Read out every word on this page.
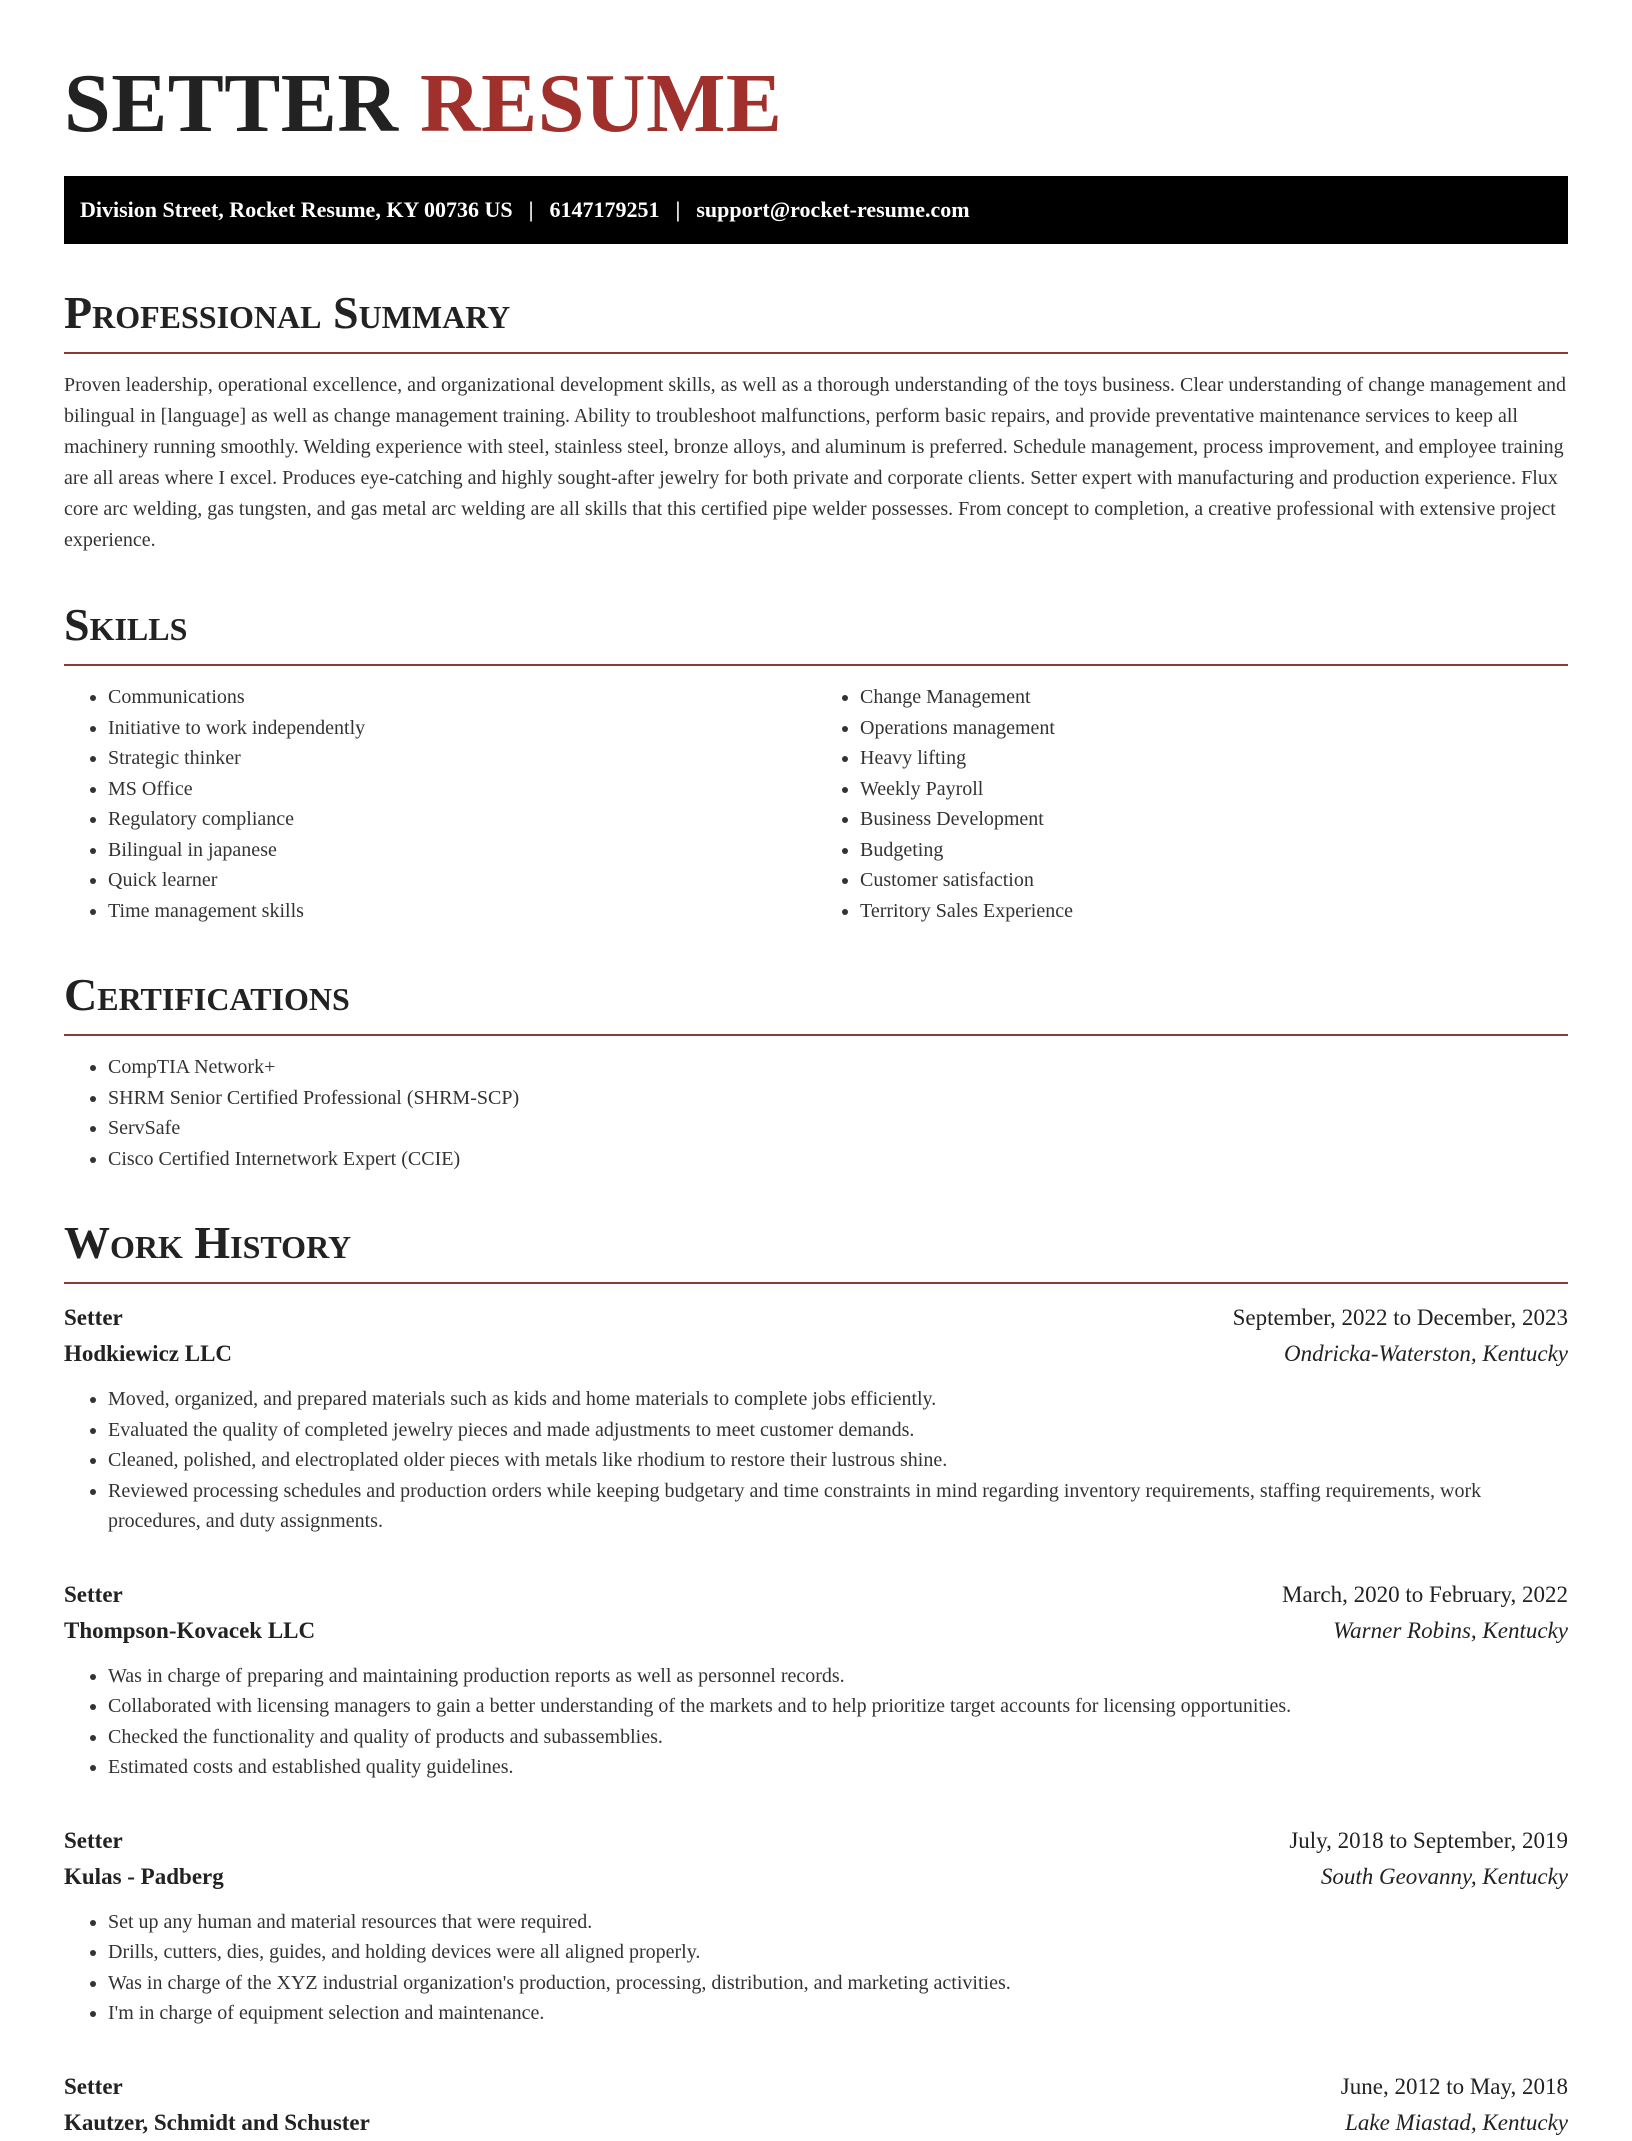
SETTER RESUME
Division Street, Rocket Resume, KY 00736 US | 6147179251 | support@rocket-resume.com
Professional Summary

Proven leadership, operational excellence, and organizational development skills, as well as a thorough understanding of the toys business. Clear understanding of change management and bilingual in [language] as well as change management training. Ability to troubleshoot malfunctions, perform basic repairs, and provide preventative maintenance services to keep all machinery running smoothly. Welding experience with steel, stainless steel, bronze alloys, and aluminum is preferred. Schedule management, process improvement, and employee training are all areas where I excel. Produces eye-catching and highly sought-after jewelry for both private and corporate clients. Setter expert with manufacturing and production experience. Flux core arc welding, gas tungsten, and gas metal arc welding are all skills that this certified pipe welder possesses. From concept to completion, a creative professional with extensive project experience.

Skills
• Communications
• Initiative to work independently
• Strategic thinker
• MS Office
• Regulatory compliance
• Bilingual in japanese
• Quick learner
• Time management skills
• Change Management
• Operations management
• Heavy lifting
• Weekly Payroll
• Business Development
• Budgeting
• Customer satisfaction
• Territory Sales Experience
Certifications
• CompTIA Network+
• SHRM Senior Certified Professional (SHRM-SCP)
• ServSafe
• Cisco Certified Internetwork Expert (CCIE)
Work History
Setter	September, 2022 to December, 2023
Hodkiewicz LLC	Ondricka-Waterston, Kentucky
• Moved, organized, and prepared materials such as kids and home materials to complete jobs efficiently.
• Evaluated the quality of completed jewelry pieces and made adjustments to meet customer demands.
• Cleaned, polished, and electroplated older pieces with metals like rhodium to restore their lustrous shine.
• Reviewed processing schedules and production orders while keeping budgetary and time constraints in mind regarding inventory requirements, staffing requirements, work procedures, and duty assignments.
Setter	March, 2020 to February, 2022
Thompson-Kovacek LLC	Warner Robins, Kentucky
• Was in charge of preparing and maintaining production reports as well as personnel records.
• Collaborated with licensing managers to gain a better understanding of the markets and to help prioritize target accounts for licensing opportunities.
• Checked the functionality and quality of products and subassemblies.
• Estimated costs and established quality guidelines.
Setter	July, 2018 to September, 2019
Kulas - Padberg	South Geovanny, Kentucky
• Set up any human and material resources that were required.
• Drills, cutters, dies, guides, and holding devices were all aligned properly.
• Was in charge of the XYZ industrial organization's production, processing, distribution, and marketing activities.
• I'm in charge of equipment selection and maintenance.
Setter	June, 2012 to May, 2018
Kautzer, Schmidt and Schuster	Lake Miastad, Kentucky
